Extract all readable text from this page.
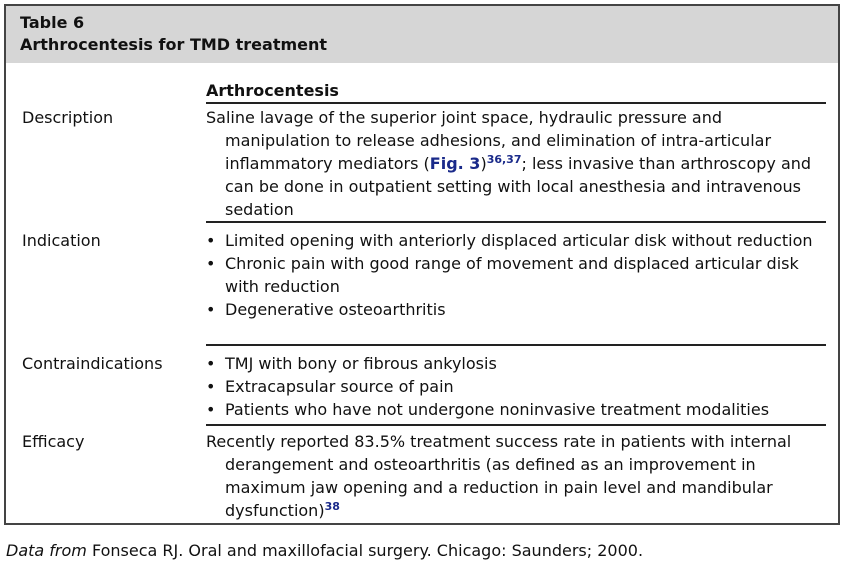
Table 6
Arthrocentesis for TMD treatment
Arthrocentesis
Description	Saline lavage of the superior joint space, hydraulic pressure and manipulation to release adhesions, and elimination of intra-articular inflammatory mediators (Fig. 3)$^{36,37}$; less invasive than arthroscopy and can be done in outpatient setting with local anesthesia and intravenous sedation
Indication	• Limited opening with anteriorly displaced articular disk without reduction
• Chronic pain with good range of movement and displaced articular disk with reduction
• Degenerative osteoarthritis
Contraindications	• TMJ with bony or fibrous ankylosis
• Extracapsular source of pain
• Patients who have not undergone noninvasive treatment modalities
Efficacy	Recently reported 83.5% treatment success rate in patients with internal derangement and osteoarthritis (as defined as an improvement in maximum jaw opening and a reduction in pain level and mandibular dysfunction)$^{38}$
Data from Fonseca RJ. Oral and maxillofacial surgery. Chicago: Saunders; 2000.
